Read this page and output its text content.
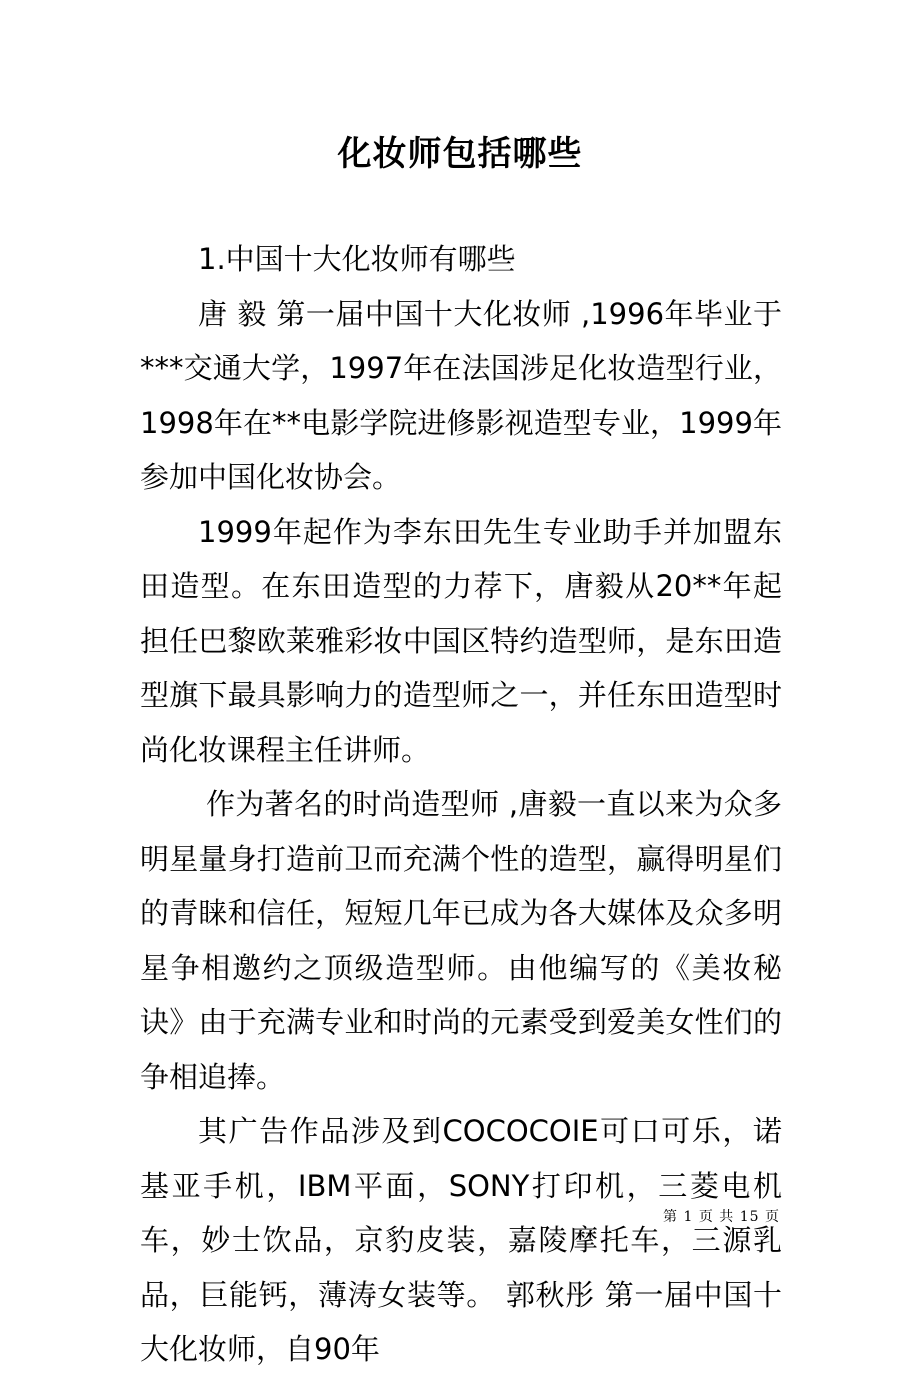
化妆师包括哪些

1.中国十大化妆师有哪些

唐 毅 第一届中国十大化妆师 ,1996年毕业于***交通大学，1997年在法国涉足化妆造型行业，1998年在**电影学院进修影视造型专业，1999年参加中国化妆协会。

1999年起作为李东田先生专业助手并加盟东田造型。在东田造型的力荐下，唐毅从20**年起担任巴黎欧莱雅彩妆中国区特约造型师，是东田造型旗下最具影响力的造型师之一，并任东田造型时尚化妆课程主任讲师。

作为著名的时尚造型师 ,唐毅一直以来为众多明星量身打造前卫而充满个性的造型，赢得明星们的青睐和信任，短短几年已成为各大媒体及众多明星争相邀约之顶级造型师。由他编写的《美妆秘诀》由于充满专业和时尚的元素受到爱美女性们的争相追捧。

其广告作品涉及到COCOCOIE可口可乐，诺基亚手机，IBM平面，SONY打印机，三菱电机车，妙士饮品，京豹皮装，嘉陵摩托车，三源乳品，巨能钙，薄涛女装等。 郭秋彤 第一届中国十大化妆师，自90年

第 1 页 共 15 页
